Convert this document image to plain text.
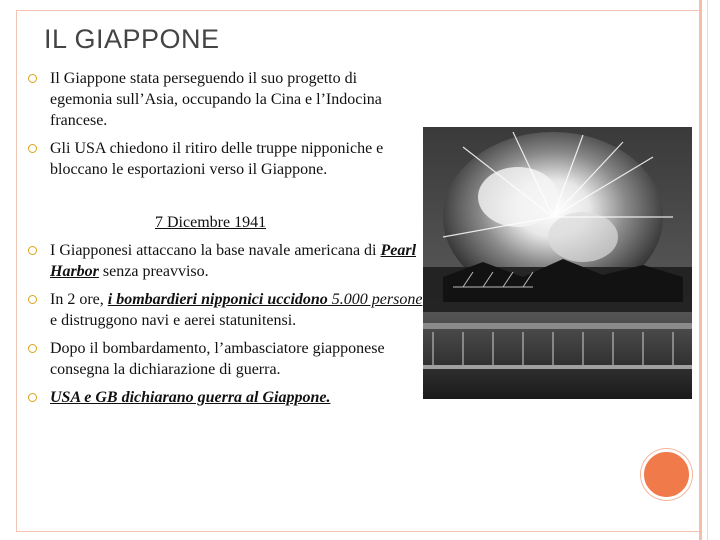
IL GIAPPONE
Il Giappone stata perseguendo il suo progetto di egemonia sull’Asia, occupando la Cina e l’Indocina francese.
Gli USA chiedono il ritiro delle truppe nipponiche e bloccano le esportazioni verso il Giappone.
7 Dicembre 1941
I Giapponesi attaccano la base navale americana di Pearl Harbor senza preavviso.
In 2 ore, i bombardieri nipponici uccidono 5.000 persone e distruggono navi e aerei statunitensi.
Dopo il bombardamento, l’ambasciatore giapponese consegna la dichiarazione di guerra.
USA e GB dichiarano guerra al Giappone.
